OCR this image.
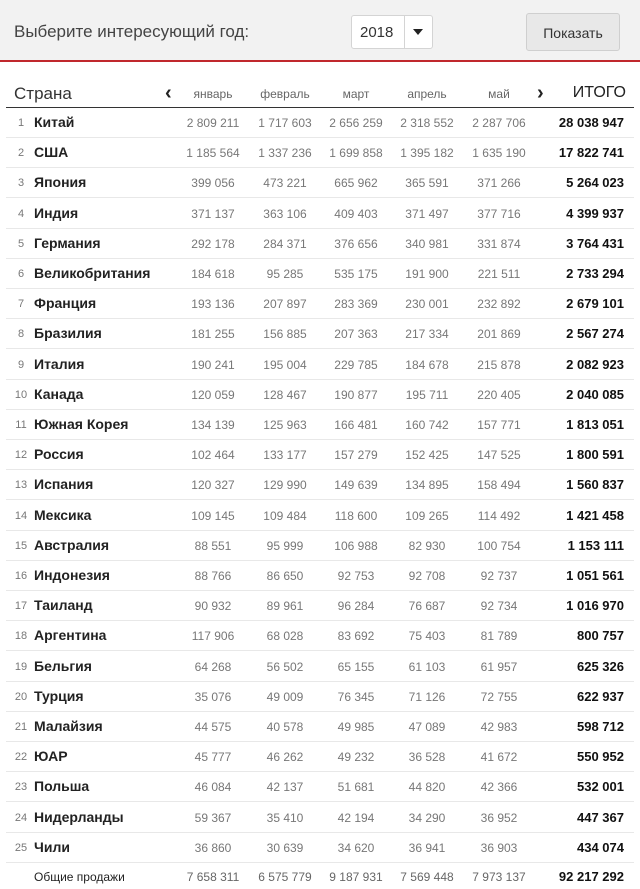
Выберите интересующий год:	2018	Показать
Страна	‹	январь	февраль	март	апрель	май	› ИТОГО
1 Китай	2 809 211	1 717 603	2 656 259	2 318 552	2 287 706	28 038 947
2 США	1 185 564	1 337 236	1 699 858	1 395 182	1 635 190	17 822 741
3 Япония	399 056	473 221	665 962	365 591	371 266	5 264 023
4 Индия	371 137	363 106	409 403	371 497	377 716	4 399 937
5 Германия	292 178	284 371	376 656	340 981	331 874	3 764 431
6 Великобритания	184 618	95 285	535 175	191 900	221 511	2 733 294
7 Франция	193 136	207 897	283 369	230 001	232 892	2 679 101
8 Бразилия	181 255	156 885	207 363	217 334	201 869	2 567 274
9 Италия	190 241	195 004	229 785	184 678	215 878	2 082 923
10 Канада	120 059	128 467	190 877	195 711	220 405	2 040 085
11 Южная Корея	134 139	125 963	166 481	160 742	157 771	1 813 051
12 Россия	102 464	133 177	157 279	152 425	147 525	1 800 591
13 Испания	120 327	129 990	149 639	134 895	158 494	1 560 837
14 Мексика	109 145	109 484	118 600	109 265	114 492	1 421 458
15 Австралия	88 551	95 999	106 988	82 930	100 754	1 153 111
16 Индонезия	88 766	86 650	92 753	92 708	92 737	1 051 561
17 Таиланд	90 932	89 961	96 284	76 687	92 734	1 016 970
18 Аргентина	117 906	68 028	83 692	75 403	81 789	800 757
19 Бельгия	64 268	56 502	65 155	61 103	61 957	625 326
20 Турция	35 076	49 009	76 345	71 126	72 755	622 937
21 Малайзия	44 575	40 578	49 985	47 089	42 983	598 712
22 ЮАР	45 777	46 262	49 232	36 528	41 672	550 952
23 Польша	46 084	42 137	51 681	44 820	42 366	532 001
24 Нидерланды	59 367	35 410	42 194	34 290	36 952	447 367
25 Чили	36 860	30 639	34 620	36 941	36 903	434 074
Общие продажи	7 658 311	6 575 779	9 187 931	7 569 448	7 973 137	92 217 292
